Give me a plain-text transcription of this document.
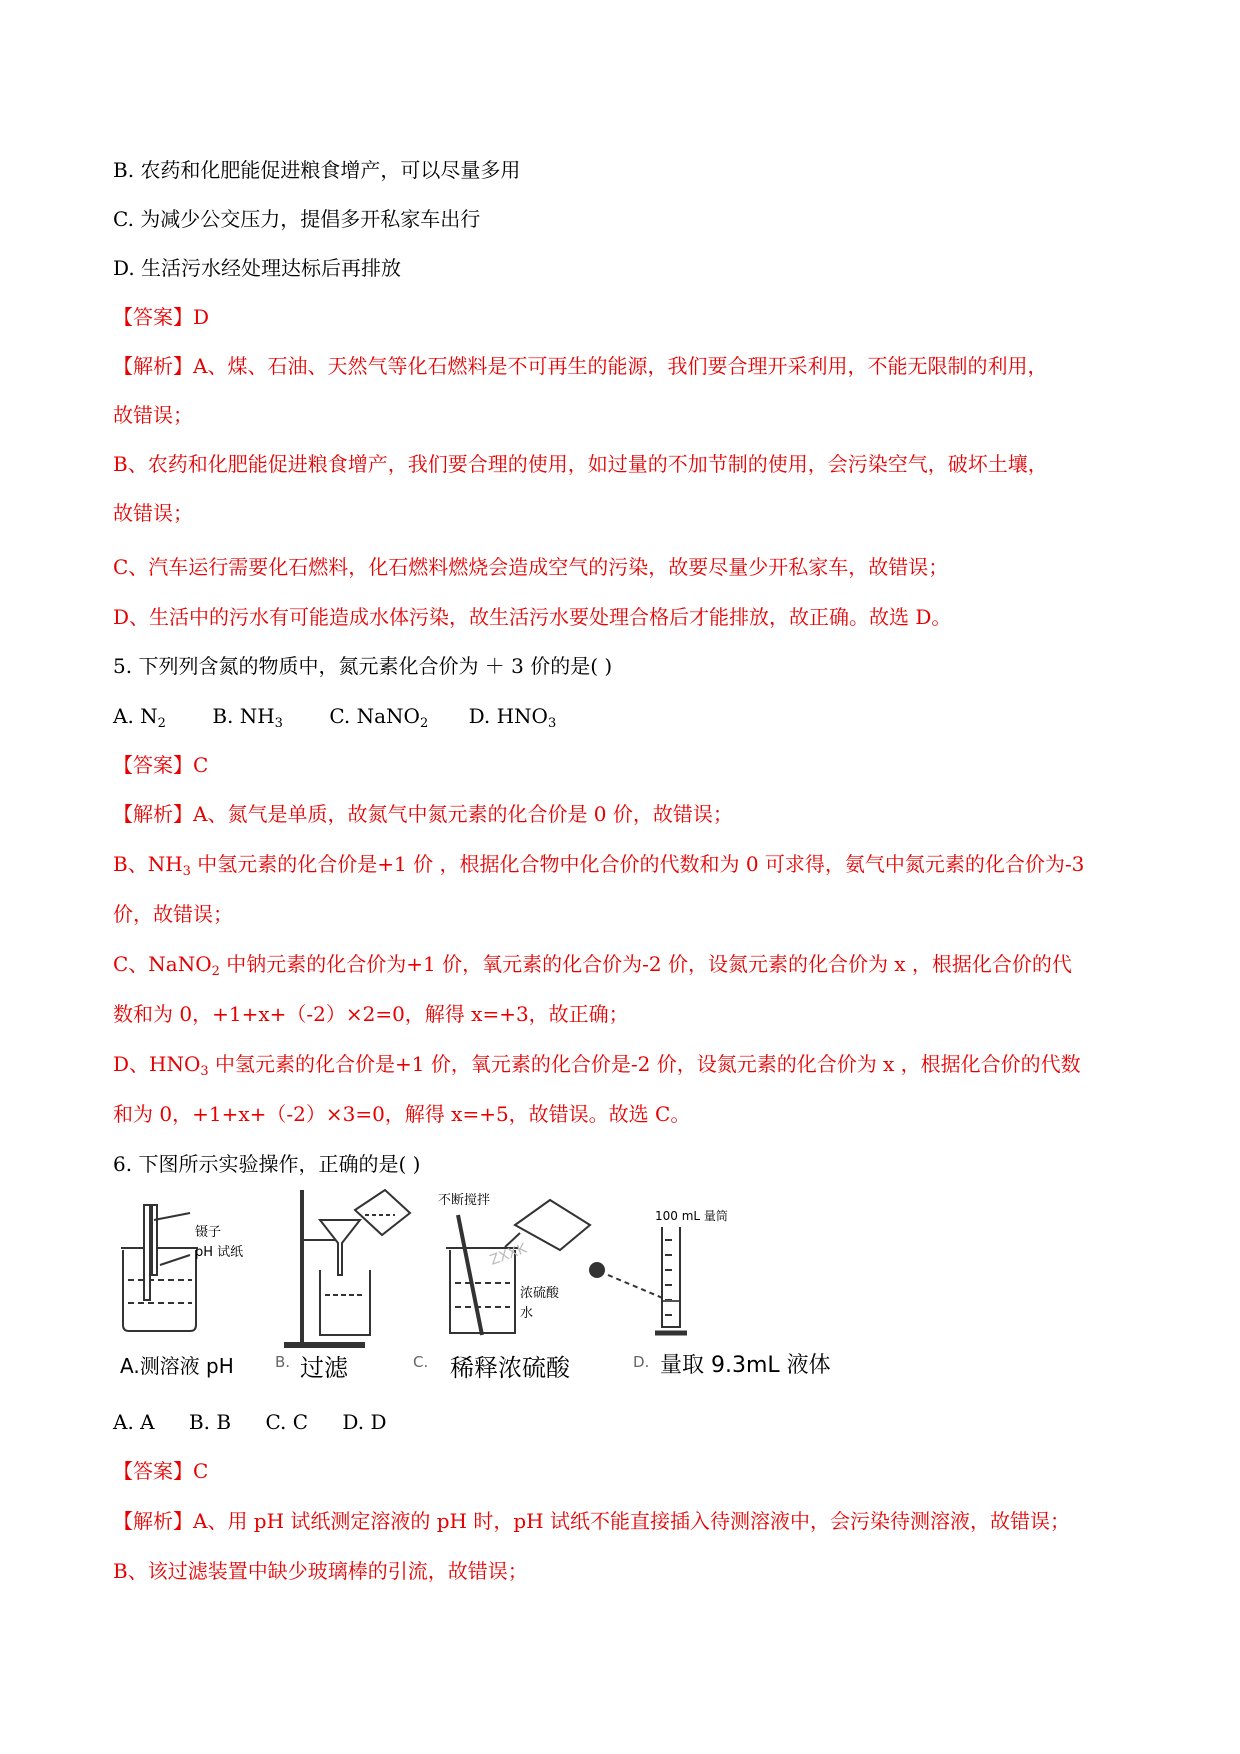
B. 农药和化肥能促进粮食增产，可以尽量多用
C. 为减少公交压力，提倡多开私家车出行
D. 生活污水经处理达标后再排放
【答案】D
【解析】A、煤、石油、天然气等化石燃料是不可再生的能源，我们要合理开采利用，不能无限制的利用，
故错误；
B、农药和化肥能促进粮食增产，我们要合理的使用，如过量的不加节制的使用，会污染空气，破坏土壤，
故错误；
C、汽车运行需要化石燃料，化石燃料燃烧会造成空气的污染，故要尽量少开私家车，故错误；
D、生活中的污水有可能造成水体污染，故生活污水要处理合格后才能排放，故正确。故选 D。
5. 下列列含氮的物质中，氮元素化合价为 ＋ 3 价的是( )
A. $N_2$ B. $NH_3$ C. NaNO$_2$ D. $HNO_3$
【答案】C
【解析】A、氮气是单质，故氮气中氮元素的化合价是 0 价，故错误；
B、$NH_3$ 中氢元素的化合价是+1 价 ，根据化合物中化合价的代数和为 0 可求得，氨气中氮元素的化合价为-3
价，故错误；
C、NaNO$_2$ 中钠元素的化合价为+1 价，氧元素的化合价为-2 价，设氮元素的化合价为 x ，根据化合价的代
数和为 0，+1+x+（-2）×2=0，解得 x=+3，故正确；
D、$HNO_3$ 中氢元素的化合价是+1 价，氧元素的化合价是-2 价，设氮元素的化合价为 x ，根据化合价的代数
和为 0，+1+x+（-2）×3=0，解得 x=+5，故错误。故选 C。
6. 下图所示实验操作，正确的是( )
ZXXK
镊子
pH 试纸
A.测溶液 pH	B. 过滤
不断搅拌
浓硫酸
水
C. 稀释浓硫酸
100 mL 量筒
D. 量取 9.3mL 液体
A. A B. B C. C D. D
【答案】C
【解析】A、用 pH 试纸测定溶液的 pH 时，pH 试纸不能直接插入待测溶液中，会污染待测溶液，故错误；
B、该过滤装置中缺少玻璃棒的引流，故错误；
